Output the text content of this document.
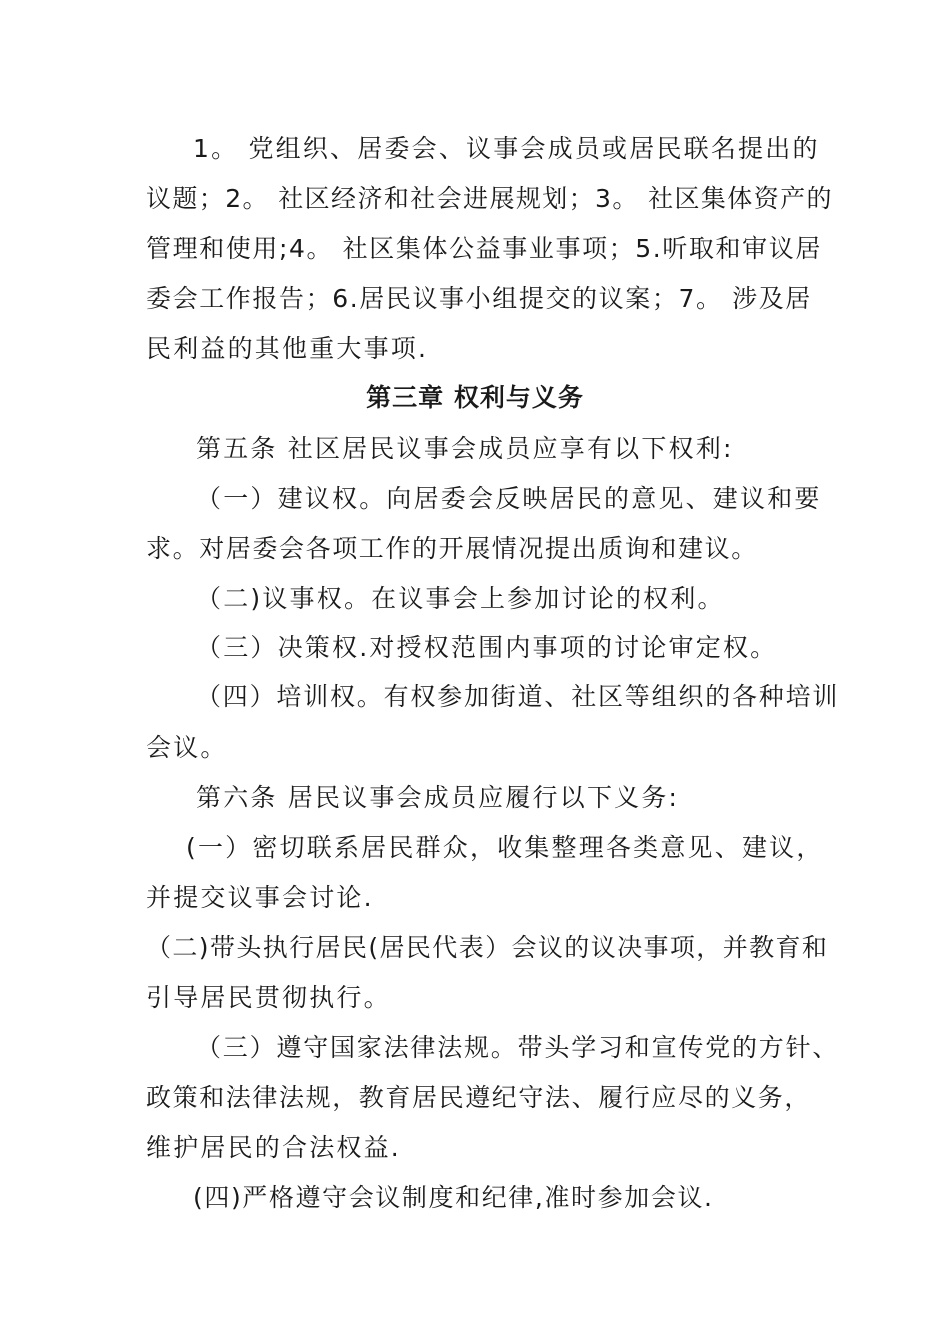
1。 党组织、居委会、议事会成员或居民联名提出的
议题；2。 社区经济和社会进展规划；3。 社区集体资产的
管理和使用;4。 社区集体公益事业事项；5.听取和审议居
委会工作报告；6.居民议事小组提交的议案；7。 涉及居
民利益的其他重大事项.
第三章 权利与义务
第五条 社区居民议事会成员应享有以下权利:
（一）建议权。向居委会反映居民的意见、建议和要
求。对居委会各项工作的开展情况提出质询和建议。
（二)议事权。在议事会上参加讨论的权利。
（三）决策权.对授权范围内事项的讨论审定权。
（四）培训权。有权参加街道、社区等组织的各种培训
会议。
第六条 居民议事会成员应履行以下义务:
(一）密切联系居民群众，收集整理各类意见、建议，
并提交议事会讨论.
（二)带头执行居民(居民代表）会议的议决事项，并教育和
引导居民贯彻执行。
（三）遵守国家法律法规。带头学习和宣传党的方针、
政策和法律法规，教育居民遵纪守法、履行应尽的义务，
维护居民的合法权益.
(四)严格遵守会议制度和纪律,准时参加会议.
